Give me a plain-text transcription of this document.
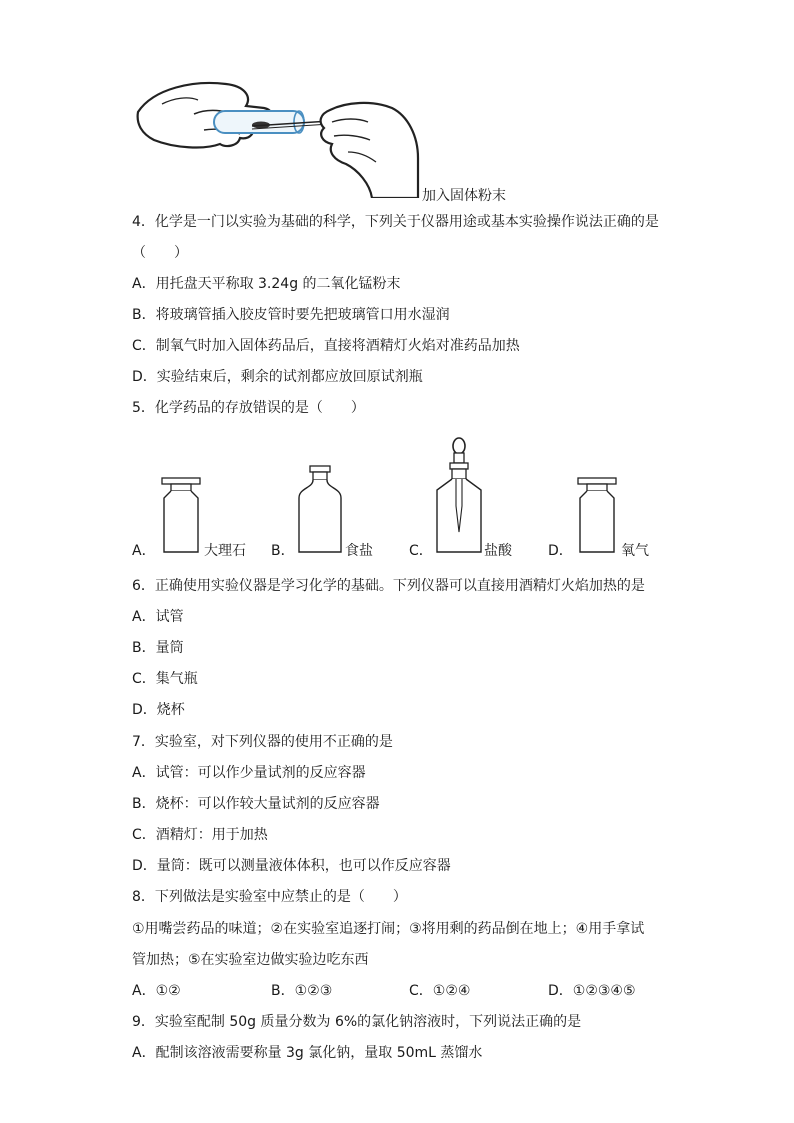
加入固体粉末
4．化学是一门以实验为基础的科学，下列关于仪器用途或基本实验操作说法正确的是
（　　）
A．用托盘天平称取 3.24g 的二氧化锰粉末
B．将玻璃管插入胶皮管时要先把玻璃管口用水湿润
C．制氧气时加入固体药品后，直接将酒精灯火焰对准药品加热
D．实验结束后，剩余的试剂都应放回原试剂瓶
5．化学药品的存放错误的是（　　）
A．	大理石 B．	食盐	C．	盐酸	D．	氧气
6．正确使用实验仪器是学习化学的基础。下列仪器可以直接用酒精灯火焰加热的是
A．试管
B．量筒
C．集气瓶
D．烧杯
7．实验室，对下列仪器的使用不正确的是
A．试管：可以作少量试剂的反应容器
B．烧杯：可以作较大量试剂的反应容器
C．酒精灯：用于加热
D．量筒：既可以测量液体体积，也可以作反应容器
8．下列做法是实验室中应禁止的是（　　）
①用嘴尝药品的味道；②在实验室追逐打闹；③将用剩的药品倒在地上；④用手拿试
管加热；⑤在实验室边做实验边吃东西
A．①②	B．①②③	C．①②④	D．①②③④⑤
9．实验室配制 50g 质量分数为 6%的氯化钠溶液时，下列说法正确的是
A．配制该溶液需要称量 3g 氯化钠，量取 50mL 蒸馏水
